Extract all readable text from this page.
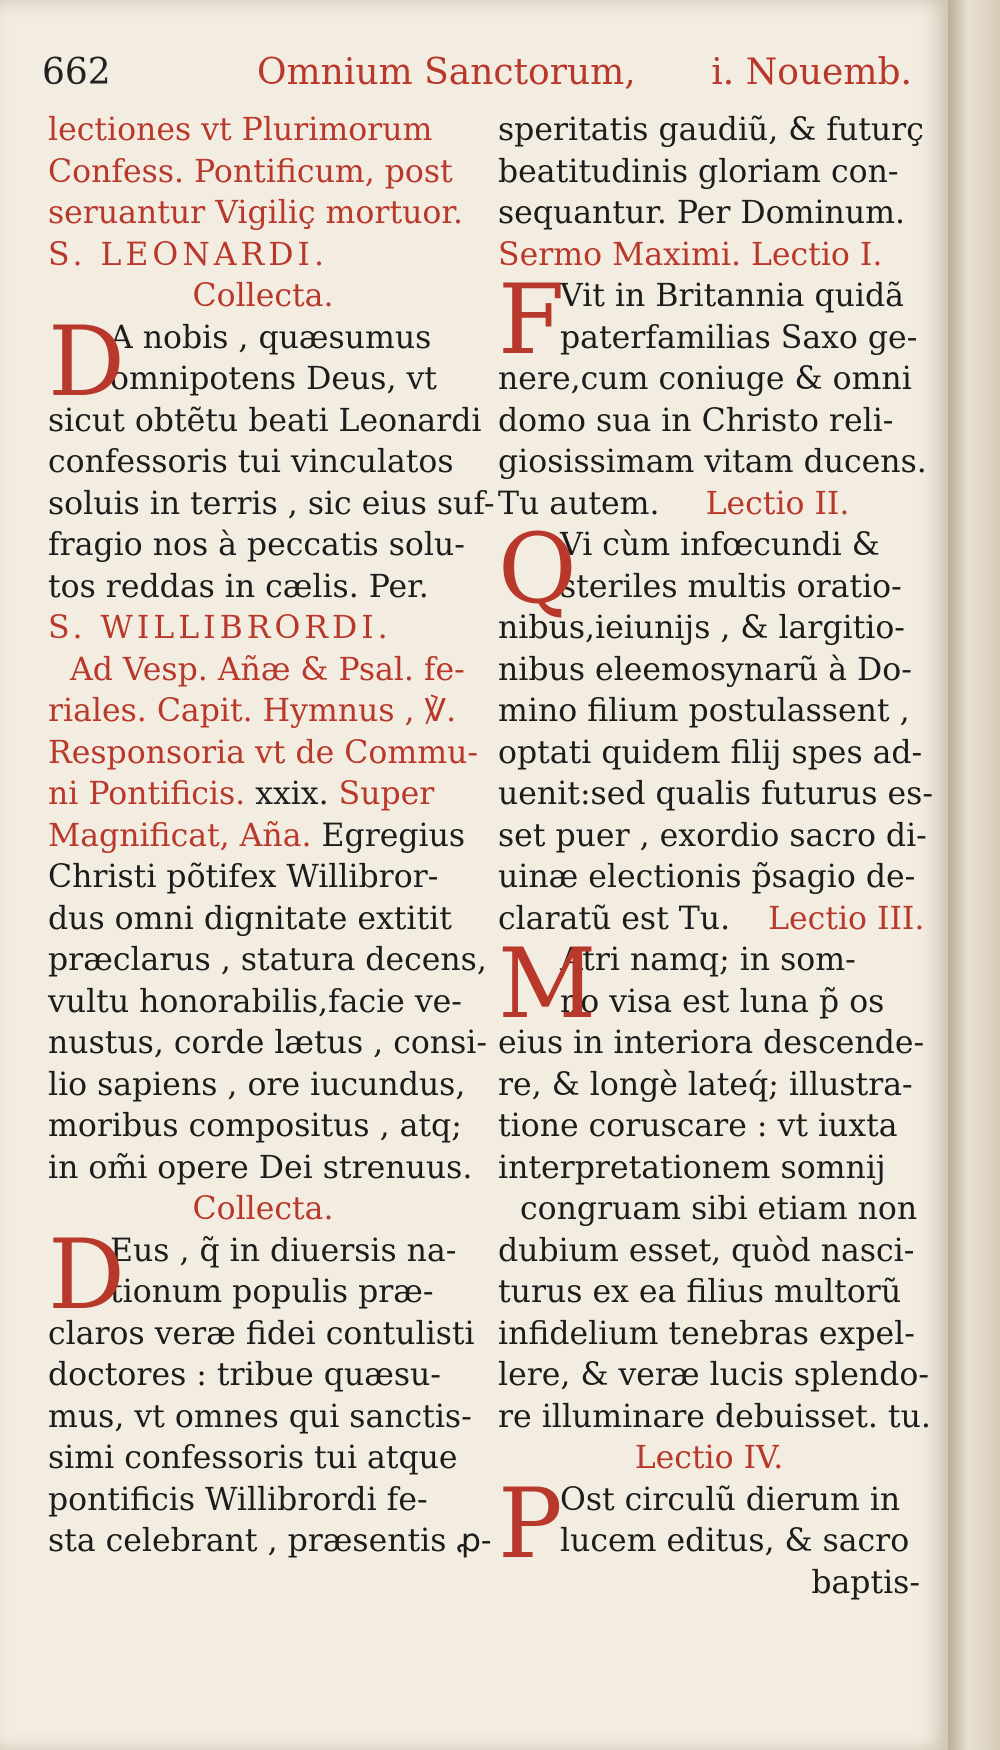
662	Omnium Sanctorum, i. Nouemb.
lectiones vt Plurimorum
Confess. Pontificum, post
seruantur Vigiliç mortuor.
S. LEONARDI.
Collecta.
D
A nobis , quæsumus
omnipotens Deus, vt
sicut obtẽtu beati Leonardi
confessoris tui vinculatos
soluis in terris , sic eius suf-
fragio nos à peccatis solu-
tos reddas in cælis. Per.
S. WILLIBRORDI.
Ad Vesp. Añæ & Psal. fe-
riales. Capit. Hymnus , ℣.
Responsoria vt de Commu-
ni Pontificis. xxix. Super
Magnificat, Aña. Egregius
Christi põtifex Willibror-
dus omni dignitate extitit
præclarus , statura decens,
vultu honorabilis,facie ve-
nustus, corde lætus , consi-
lio sapiens , ore iucundus,
moribus compositus , atq;
in om̃i opere Dei strenuus.
Collecta.
D
Eus , q̃ in diuersis na-
tionum populis præ-
claros veræ fidei contulisti
doctores : tribue quæsu-
mus, vt omnes qui sanctis-
simi confessoris tui atque
pontificis Willibrordi fe-
sta celebrant , præsentis ꝓ-
speritatis gaudiũ, & futurç
beatitudinis gloriam con-
sequantur. Per Dominum.
Sermo Maximi. Lectio I.
F
Vit in Britannia quidã
paterfamilias Saxo ge-
nere,cum coniuge & omni
domo sua in Christo reli-
giosissimam vitam ducens.
Tu autem. Lectio II.
Q
Vi cùm infœcundi &
steriles multis oratio-
nibus,ieiunijs , & largitio-
nibus eleemosynarũ à Do-
mino filium postulassent ,
optati quidem filij spes ad-
uenit:sed qualis futurus es-
set puer , exordio sacro di-
uinæ electionis p̃sagio de-
claratũ est Tu. Lectio III.
M
Atri namq; in som-
no visa est luna p̃ os
eius in interiora descende-
re, & longè lateq́; illustra-
tione coruscare : vt iuxta
interpretationem somnij
congruam sibi etiam non
dubium esset, quòd nasci-
turus ex ea filius multorũ
infidelium tenebras expel-
lere, & veræ lucis splendo-
re illuminare debuisset. tu.
Lectio IV.
P
Ost circulũ dierum in
lucem editus, & sacro
baptis-
